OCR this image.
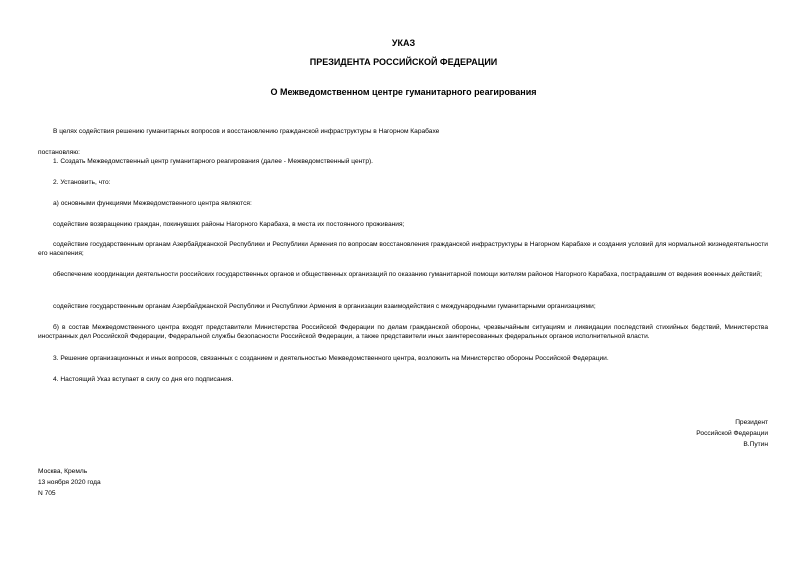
УКАЗ
ПРЕЗИДЕНТА РОССИЙСКОЙ ФЕДЕРАЦИИ
О Межведомственном центре гуманитарного реагирования
В целях содействия решению гуманитарных вопросов и восстановлению гражданской инфраструктуры в Нагорном Карабахе
постановляю:
1. Создать Межведомственный центр гуманитарного реагирования (далее - Межведомственный центр).
2. Установить, что:
а) основными функциями Межведомственного центра являются:
содействие возвращению граждан, покинувших районы Нагорного Карабаха, в места их постоянного проживания;
содействие государственным органам Азербайджанской Республики и Республики Армения по вопросам восстановления гражданской инфраструктуры в Нагорном Карабахе и создания условий для нормальной жизнедеятельности его населения;
обеспечение координации деятельности российских государственных органов и общественных организаций по оказанию гуманитарной помощи жителям районов Нагорного Карабаха, пострадавшим от ведения военных действий;
содействие государственным органам Азербайджанской Республики и Республики Армения в организации взаимодействия с международными гуманитарными организациями;
б) в состав Межведомственного центра входят представители Министерства Российской Федерации по делам гражданской обороны, чрезвычайным ситуациям и ликвидации последствий стихийных бедствий, Министерства иностранных дел Российской Федерации, Федеральной службы безопасности Российской Федерации, а также представители иных заинтересованных федеральных органов исполнительной власти.
3. Решение организационных и иных вопросов, связанных с созданием и деятельностью Межведомственного центра, возложить на Министерство обороны Российской Федерации.
4. Настоящий Указ вступает в силу со дня его подписания.
Президент
Российской Федерации
В.Путин
Москва, Кремль
13 ноября 2020 года
N 705
